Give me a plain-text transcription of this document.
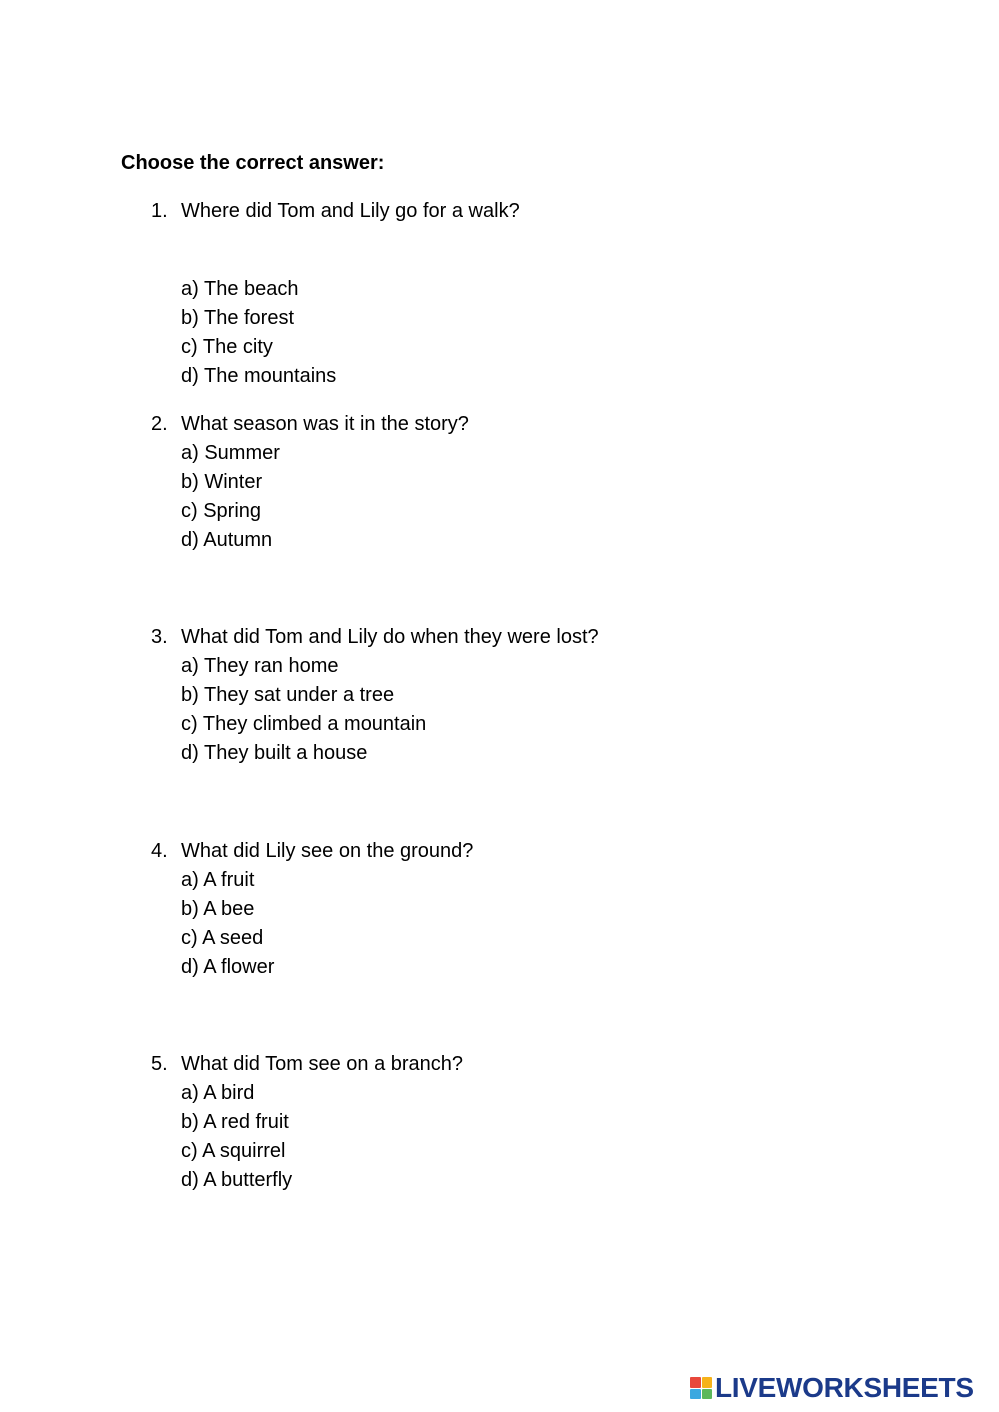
Choose the correct answer:

1. Where did Tom and Lily go for a walk?
a) The beach
b) The forest
c) The city
d) The mountains
2. What season was it in the story?
a) Summer
b) Winter
c) Spring
d) Autumn
3. What did Tom and Lily do when they were lost?
a) They ran home
b) They sat under a tree
c) They climbed a mountain
d) They built a house
4. What did Lily see on the ground?
a) A fruit
b) A bee
c) A seed
d) A flower
5. What did Tom see on a branch?
a) A bird
b) A red fruit
c) A squirrel
d) A butterfly
LIVEWORKSHEETS
